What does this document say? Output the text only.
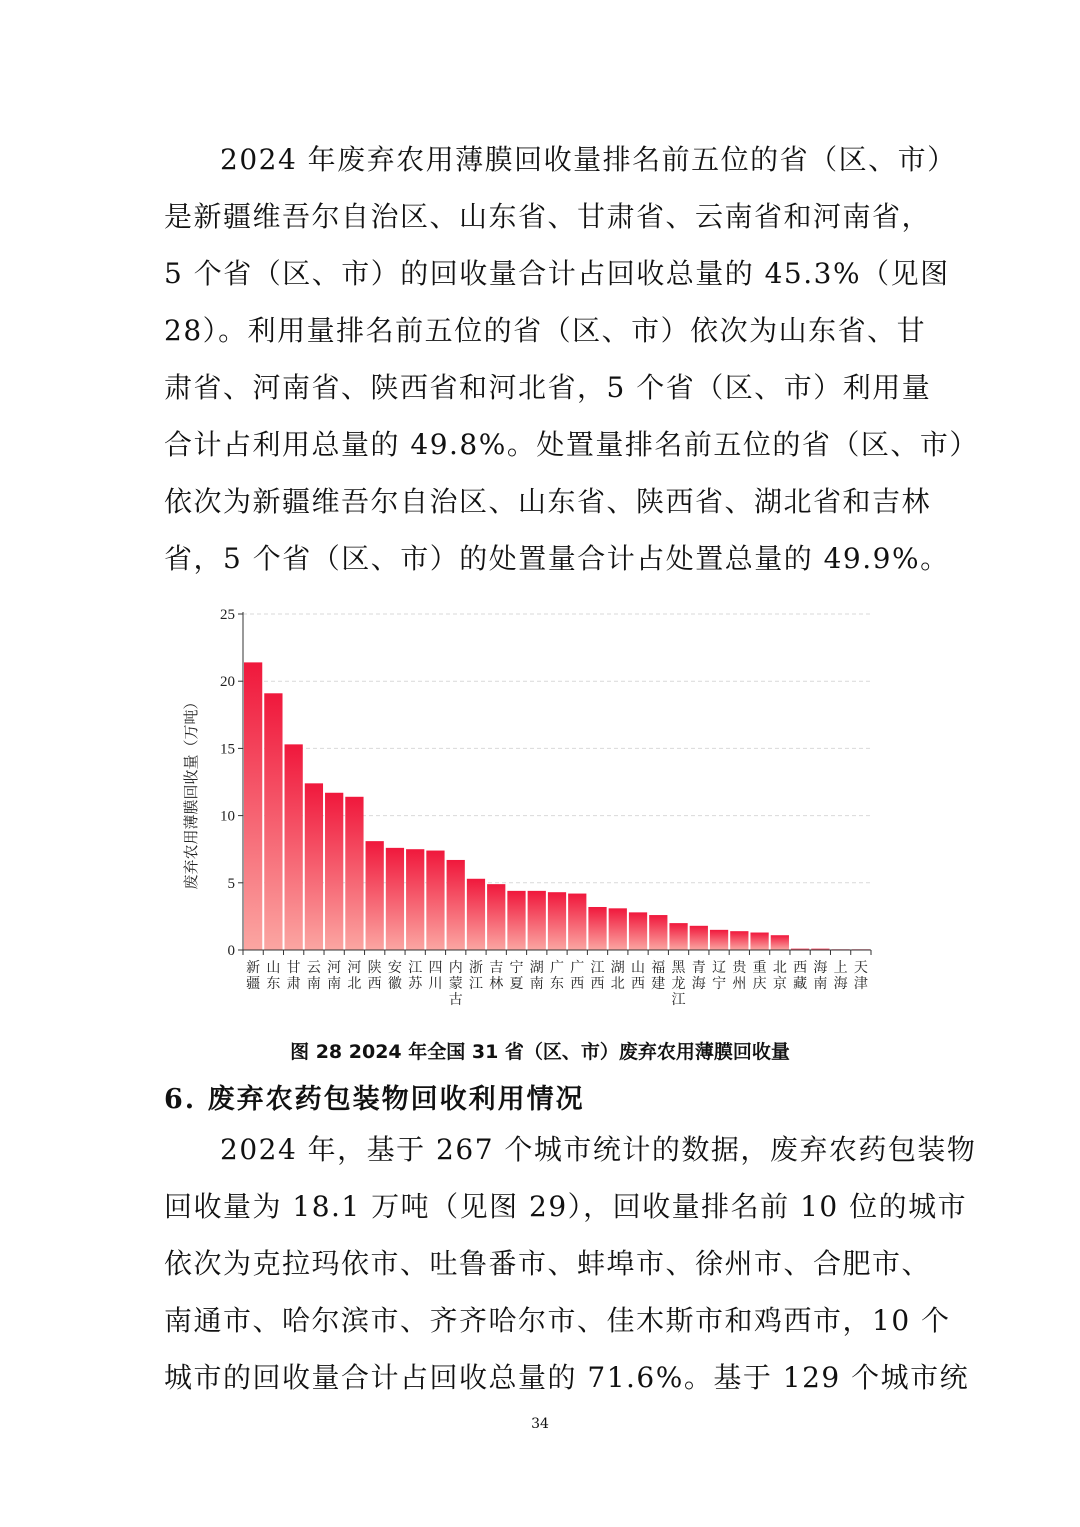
2024 年废弃农用薄膜回收量排名前五位的省（区、市）

是新疆维吾尔自治区、山东省、甘肃省、云南省和河南省，

5 个省（区、市）的回收量合计占回收总量的 45.3%（见图

28）。利用量排名前五位的省（区、市）依次为山东省、甘

肃省、河南省、陕西省和河北省，5 个省（区、市）利用量

合计占利用总量的 49.8%。处置量排名前五位的省（区、市）

依次为新疆维吾尔自治区、山东省、陕西省、湖北省和吉林

省，5 个省（区、市）的处置量合计占处置总量的 49.9%。

0
5
10
15
20
25
新疆
山东
甘肃
云南
河南
河北
陕西
安徽
江苏
四川
内蒙古
浙江
吉林
宁夏
湖南
广东
广西
江西
湖北
山西
福建
黑龙江
青海
辽宁
贵州
重庆
北京
西藏
海南
上海
天津
废弃农用薄膜回收量（万吨）
图 28 2024 年全国 31 省（区、市）废弃农用薄膜回收量
6. 废弃农药包装物回收利用情况

2024 年，基于 267 个城市统计的数据，废弃农药包装物

回收量为 18.1 万吨（见图 29），回收量排名前 10 位的城市

依次为克拉玛依市、吐鲁番市、蚌埠市、徐州市、合肥市、

南通市、哈尔滨市、齐齐哈尔市、佳木斯市和鸡西市，10 个

城市的回收量合计占回收总量的 71.6%。基于 129 个城市统

34
